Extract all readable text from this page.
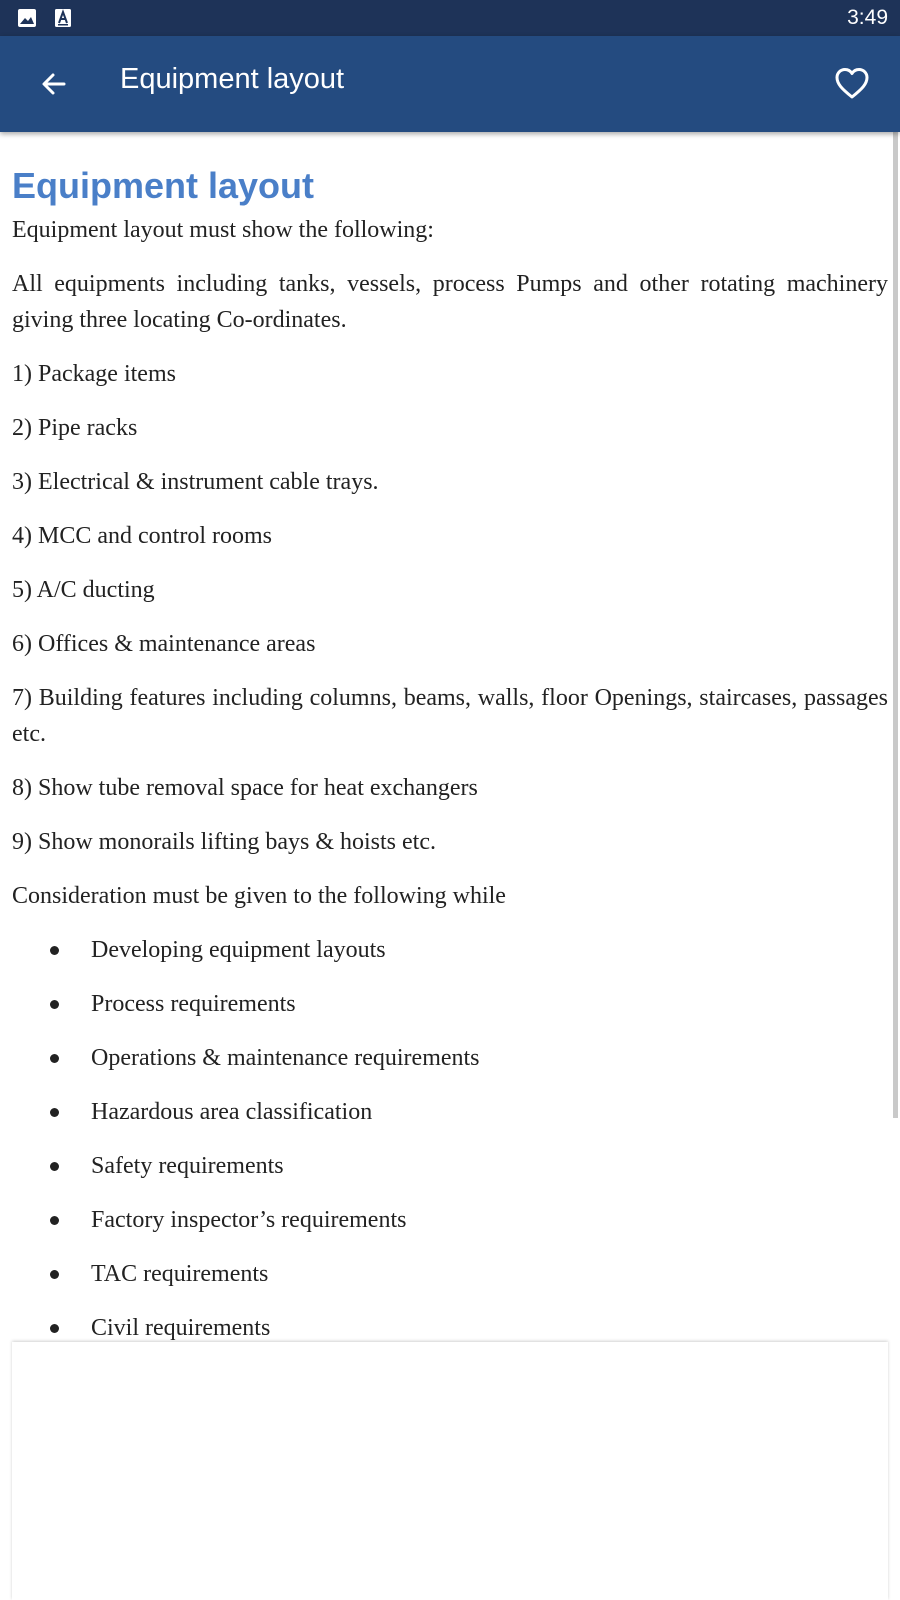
3:49
Equipment layout
Equipment layout

Equipment layout must show the following:

All equipments including tanks, vessels, process Pumps and other rotating machinery giving three locating Co-ordinates.

1) Package items

2) Pipe racks

3) Electrical & instrument cable trays.

4) MCC and control rooms

5) A/C ducting

6) Offices & maintenance areas

7) Building features including columns, beams, walls, floor Openings, staircases, passages etc.

8) Show tube removal space for heat exchangers

9) Show monorails lifting bays & hoists etc.

Consideration must be given to the following while

Developing equipment layouts
Process requirements
Operations & maintenance requirements
Hazardous area classification
Safety requirements
Factory inspector’s requirements
TAC requirements
Civil requirements
